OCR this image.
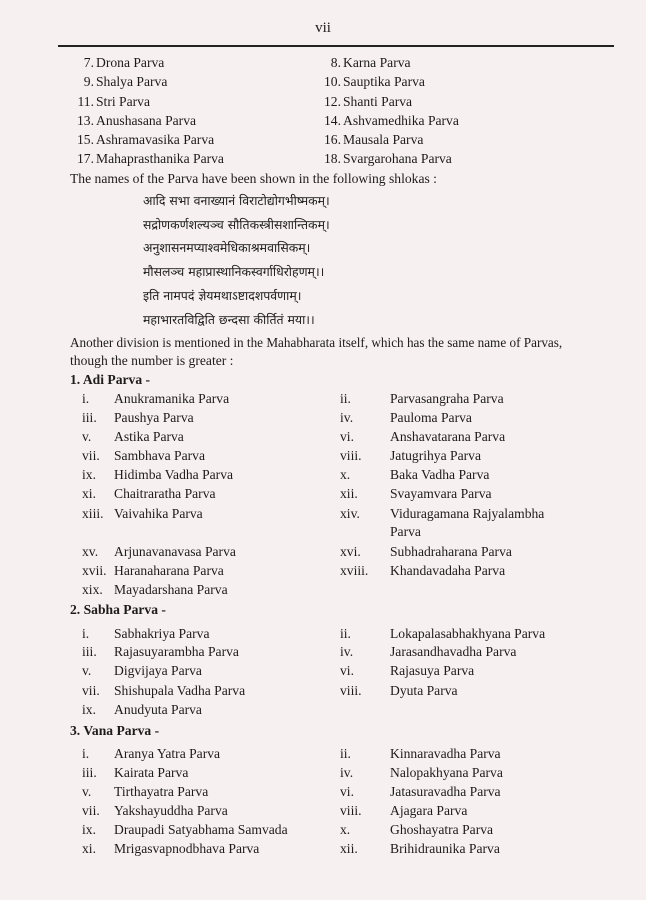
vii
7. Drona Parva	8. Karna Parva
9. Shalya Parva	10. Sauptika Parva
11. Stri Parva	12. Shanti Parva
13. Anushasana Parva	14. Ashvamedhika Parva
15. Ashramavasika Parva	16. Mausala Parva
17. Mahaprasthanika Parva	18. Svargarohana Parva
The names of the Parva have been shown in the following shlokas :
आदि सभा वनाख्यानं विराटोद्योगभीष्मकम्।
सद्रोणकर्णशल्यञ्च सौतिकस्त्रीसशान्तिकम्।
अनुशासनमप्याश्वमेधिकाश्रमवासिकम्।
मौसलञ्च महाप्रास्थानिकस्वर्गाधिरोहणम्।।
इति नामपदं ज्ञेयमथाऽष्टादशपर्वणाम्।
महाभारतविद्विति छन्दसा कीर्तितं मया।।
Another division is mentioned in the Mahabharata itself, which has the same name of Parvas,
though the number is greater :
1. Adi Parva -
i. Anukramanika Parva	ii.	Parvasangraha Parva
iii. Paushya Parva	iv.	Pauloma Parva
v. Astika Parva	vi.	Anshavatarana Parva
vii. Sambhava Parva	viii. Jatugrihya Parva
ix. Hidimba Vadha Parva	x.	Baka Vadha Parva
xi. Chaitraratha Parva	xii. Svayamvara Parva
xiii. Vaivahika Parva	xiv. Viduragamana Rajyalambha
Parva
xv. Arjunavanavasa Parva	xvi. Subhadraharana Parva
xvii. Haranaharana Parva	xviii. Khandavadaha Parva
xix. Mayadarshana Parva
2. Sabha Parva -
i. Sabhakriya Parva	ii.	Lokapalasabhakhyana Parva
iii. Rajasuyarambha Parva	iv.	Jarasandhavadha Parva
v. Digvijaya Parva	vi.	Rajasuya Parva
vii. Shishupala Vadha Parva	viii. Dyuta Parva
ix. Anudyuta Parva
3. Vana Parva -
i. Aranya Yatra Parva	ii.	Kinnaravadha Parva
iii. Kairata Parva	iv.	Nalopakhyana Parva
v. Tirthayatra Parva	vi.	Jatasuravadha Parva
vii. Yakshayuddha Parva	viii. Ajagara Parva
ix. Draupadi Satyabhama Samvada	x.	Ghoshayatra Parva
xi. Mrigasvapnodbhava Parva	xii. Brihidraunika Parva
